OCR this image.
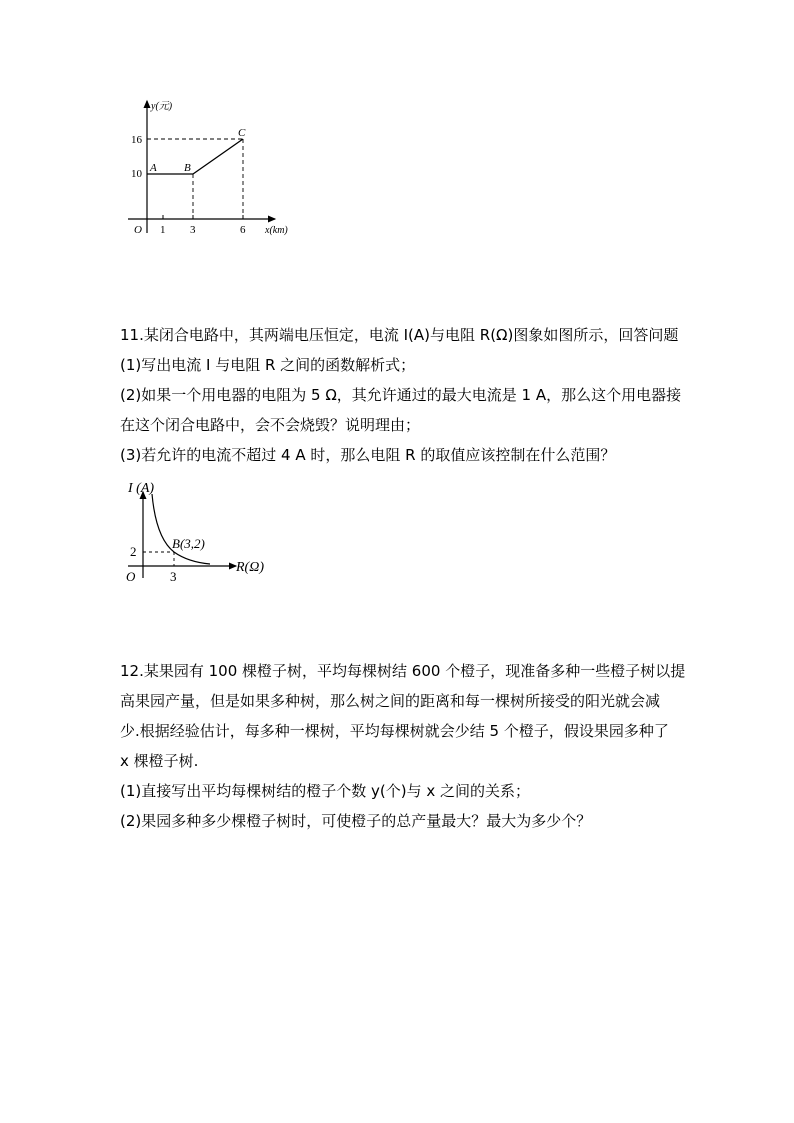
y(元)
x(km)
O 1 3	6
16
10 A B
C

11.某闭合电路中，其两端电压恒定，电流 I(A)与电阻 R(Ω)图象如图所示，回答问题

(1)写出电流 I 与电阻 R 之间的函数解析式；

(2)如果一个用电器的电阻为 5 Ω，其允许通过的最大电流是 1 A，那么这个用电器接

在这个闭合电路中，会不会烧毁？说明理由；

(3)若允许的电流不超过 4 A 时，那么电阻 R 的取值应该控制在什么范围？

I (A)
R(Ω)
O	3
2
B(3,2)

12.某果园有 100 棵橙子树，平均每棵树结 600 个橙子，现准备多种一些橙子树以提

高果园产量，但是如果多种树，那么树之间的距离和每一棵树所接受的阳光就会减

少.根据经验估计，每多种一棵树，平均每棵树就会少结 5 个橙子，假设果园多种了

x 棵橙子树.

(1)直接写出平均每棵树结的橙子个数 y(个)与 x 之间的关系；

(2)果园多种多少棵橙子树时，可使橙子的总产量最大？最大为多少个？
